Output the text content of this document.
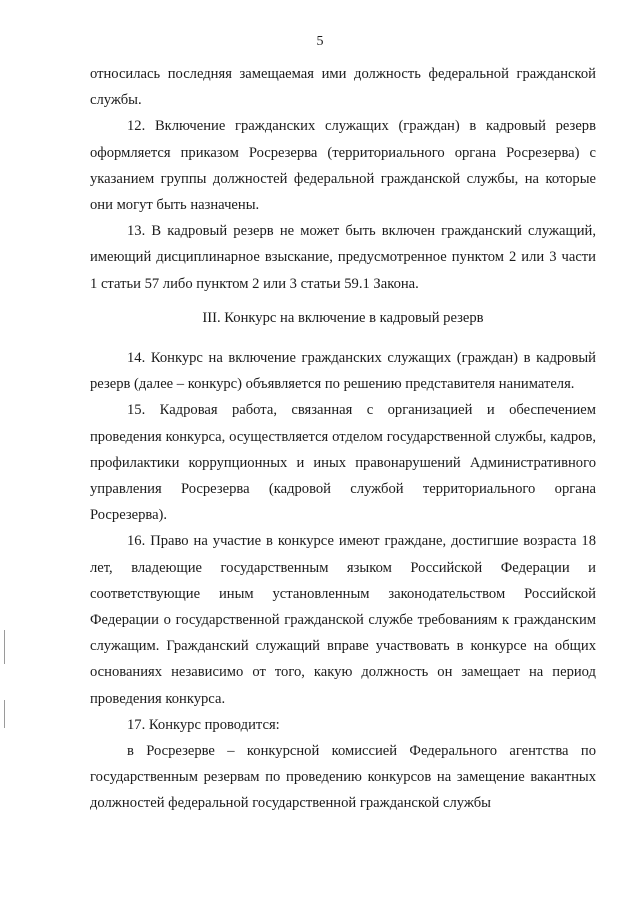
5

относилась последняя замещаемая ими должность федеральной гражданской службы.

12. Включение гражданских служащих (граждан) в кадровый резерв оформляется приказом Росрезерва (территориального органа Росрезерва) с указанием группы должностей федеральной гражданской службы, на которые они могут быть назначены.

13. В кадровый резерв не может быть включен гражданский служащий, имеющий дисциплинарное взыскание, предусмотренное пунктом 2 или 3 части 1 статьи 57 либо пунктом 2 или 3 статьи 59.1 Закона.

III. Конкурс на включение в кадровый резерв

14. Конкурс на включение гражданских служащих (граждан) в кадровый резерв (далее – конкурс) объявляется по решению представителя нанимателя.

15. Кадровая работа, связанная с организацией и обеспечением проведения конкурса, осуществляется отделом государственной службы, кадров, профилактики коррупционных и иных правонарушений Административного управления Росрезерва (кадровой службой территориального органа Росрезерва).

16. Право на участие в конкурсе имеют граждане, достигшие возраста 18 лет, владеющие государственным языком Российской Федерации и соответствующие иным установленным законодательством Российской Федерации о государственной гражданской службе требованиям к гражданским служащим. Гражданский служащий вправе участвовать в конкурсе на общих основаниях независимо от того, какую должность он замещает на период проведения конкурса.

17. Конкурс проводится:

в Росрезерве – конкурсной комиссией Федерального агентства по государственным резервам по проведению конкурсов на замещение вакантных должностей федеральной государственной гражданской службы
